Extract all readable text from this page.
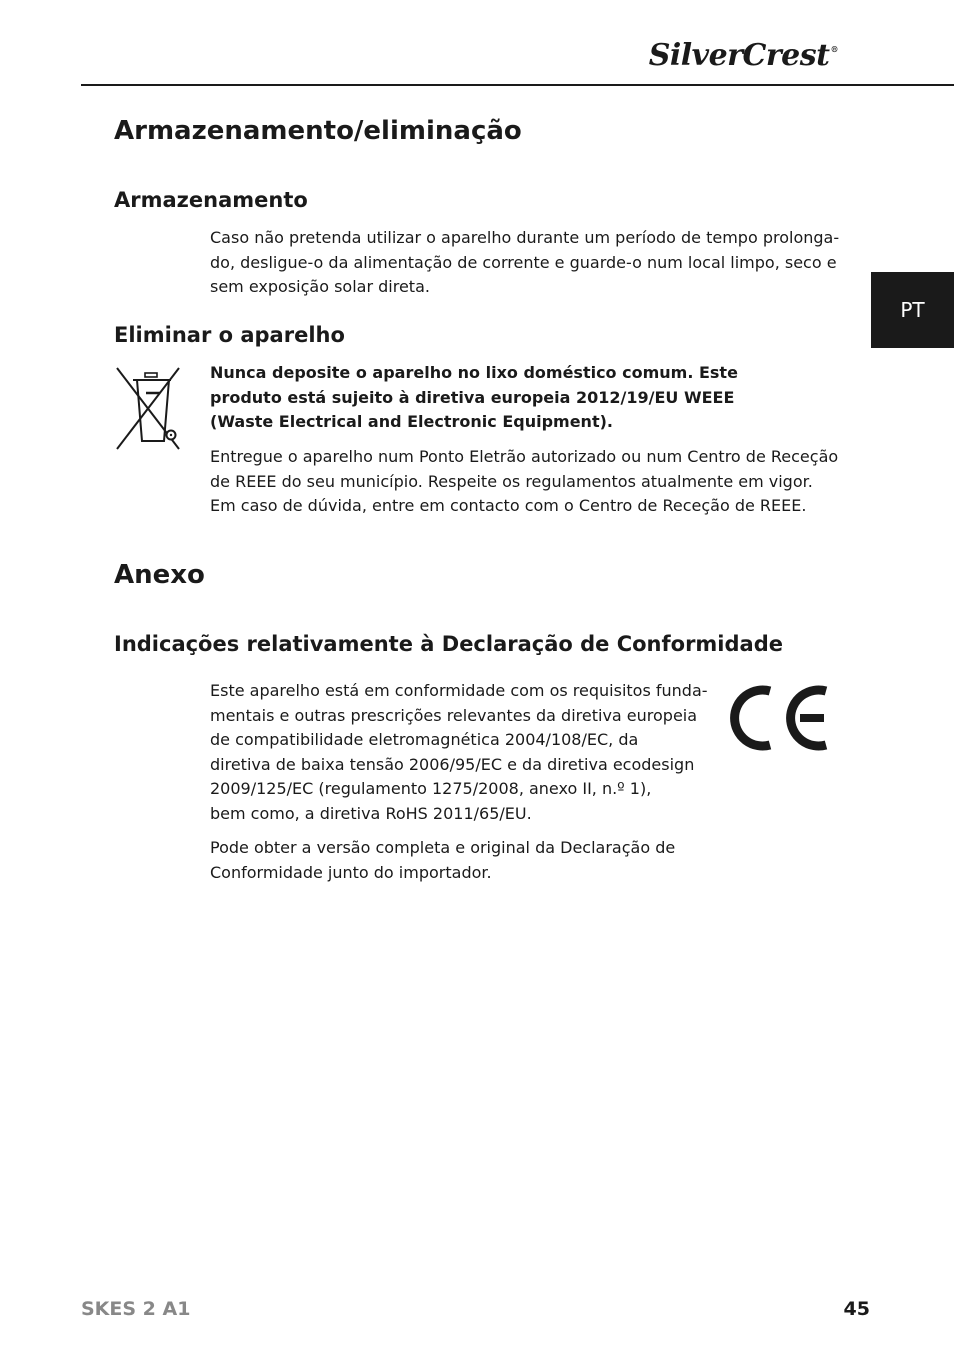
SilverCrest®
PT
Armazenamento/eliminação
Armazenamento

Caso não pretenda utilizar o aparelho durante um período de tempo prolonga-
do, desligue-o da alimentação de corrente e guarde-o num local limpo, seco e
sem exposição solar direta.

Eliminar o aparelho

Nunca deposite o aparelho no lixo doméstico comum. Este
produto está sujeito à diretiva europeia 2012/19/EU WEEE
(Waste Electrical and Electronic Equipment).

Entregue o aparelho num Ponto Eletrão autorizado ou num Centro de Receção
de REEE do seu município. Respeite os regulamentos atualmente em vigor.
Em caso de dúvida, entre em contacto com o Centro de Receção de REEE.

Anexo
Indicações relativamente à Declaração de Conformidade

Este aparelho está em conformidade com os requisitos funda-
mentais e outras prescrições relevantes da diretiva europeia
de compatibilidade eletromagnética 2004/108/EC, da
diretiva de baixa tensão 2006/95/EC e da diretiva ecodesign
2009/125/EC (regulamento 1275/2008, anexo II, n.º 1),
bem como, a diretiva RoHS 2011/65/EU.

Pode obter a versão completa e original da Declaração de
Conformidade junto do importador.

SKES 2 A1	45
